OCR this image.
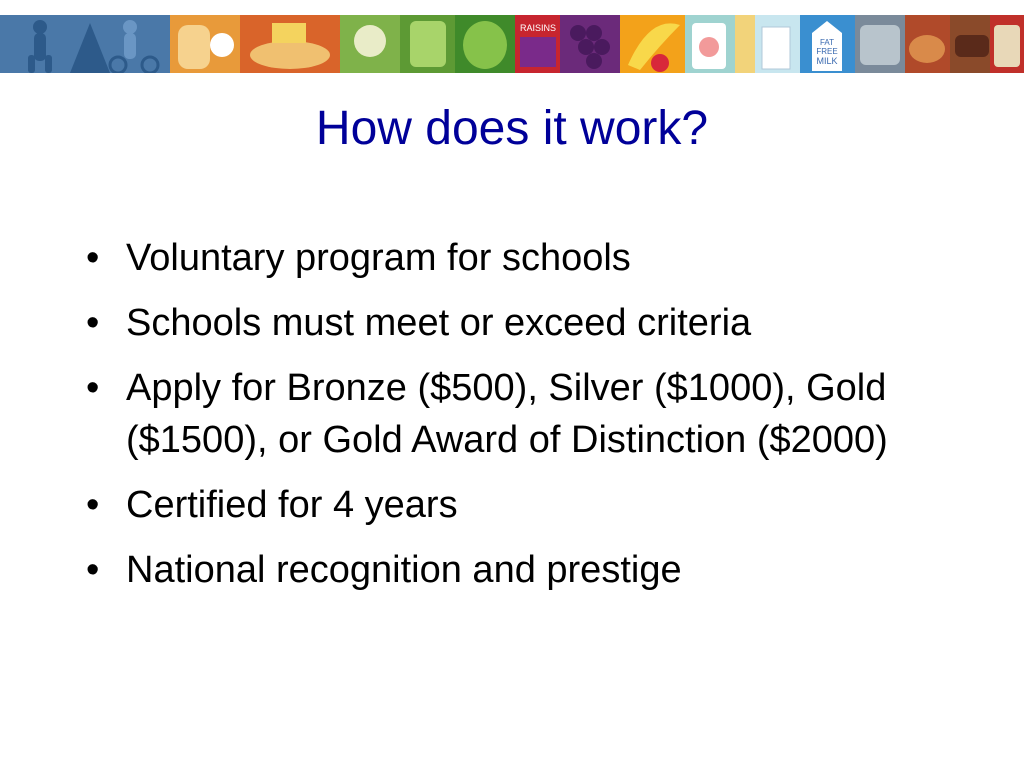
RAISINS
FAT
FREE
MILK
How does it work?
• Voluntary program for schools
• Schools must meet or exceed criteria
• Apply for Bronze ($500), Silver ($1000), Gold ($1500), or Gold Award of Distinction ($2000)
• Certified for 4 years
• National recognition and prestige
